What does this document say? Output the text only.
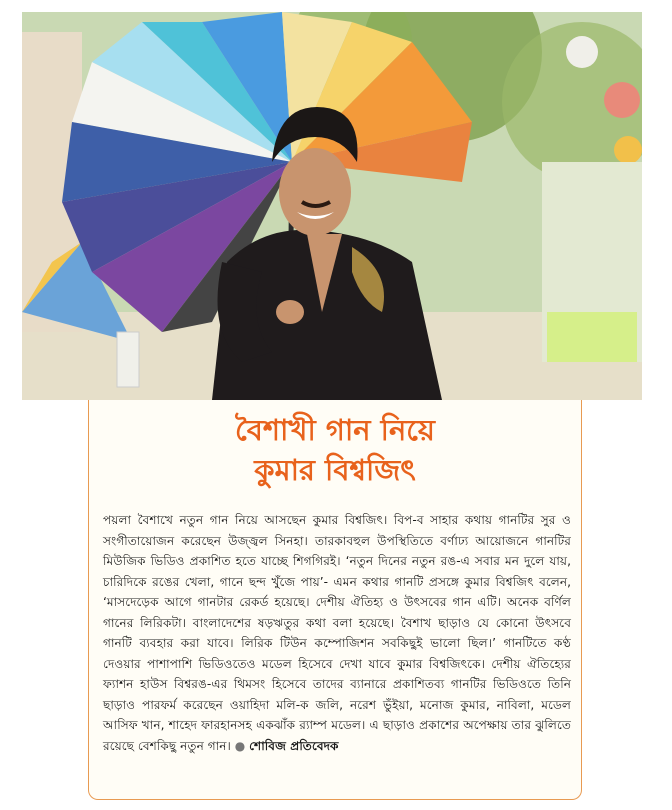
বৈশাখী গান নিয়ে
কুমার বিশ্বজিৎ

পয়লা বৈশাখে নতুন গান নিয়ে আসছেন কুমার বিশ্বজিৎ। বিপ-ব সাহার কথায় গানটির সুর ও সংগীতায়োজন করেছেন উজ্জ্বল সিনহা। তারকাবহুল উপস্থিতিতে বর্ণাঢ্য আয়োজনে গানটির মিউজিক ভিডিও প্রকাশিত হতে যাচ্ছে শিগগিরই। ‘নতুন দিনের নতুন রঙ-এ সবার মন দুলে যায়, চারিদিকে রঙের খেলা, গানে ছন্দ খুঁজে পায়’- এমন কথার গানটি প্রসঙ্গে কুমার বিশ্বজিৎ বলেন, ‘মাসদেড়েক আগে গানটার রেকর্ড হয়েছে। দেশীয় ঐতিহ্য ও উৎসবের গান এটি। অনেক বর্ণিল গানের লিরিকটা। বাংলাদেশের ষড়ঋতুর কথা বলা হয়েছে। বৈশাখ ছাড়াও যে কোনো উৎসবে গানটি ব্যবহার করা যাবে। লিরিক টিউন কম্পোজিশন সবকিছুই ভালো ছিল।’ গানটিতে কণ্ঠ দেওয়ার পাশাপাশি ভিডিওতেও মডেল হিসেবে দেখা যাবে কুমার বিশ্বজিৎকে। দেশীয় ঐতিহ্যের ফ্যাশন হাউস বিশ্বরঙ-এর থিমসং হিসেবে তাদের ব্যানারে প্রকাশিতব্য গানটির ভিডিওতে তিনি ছাড়াও পারফর্ম করেছেন ওয়াহিদা মলি-ক জলি, নরেশ ভুঁইয়া, মনোজ কুমার, নাবিলা, মডেল আসিফ খান, শাহেদ ফারহানসহ একঝাঁক র‌্যাম্প মডেল। এ ছাড়াও প্রকাশের অপেক্ষায় তার ঝুলিতে রয়েছে বেশকিছু নতুন গান। ● শোবিজ প্রতিবেদক
